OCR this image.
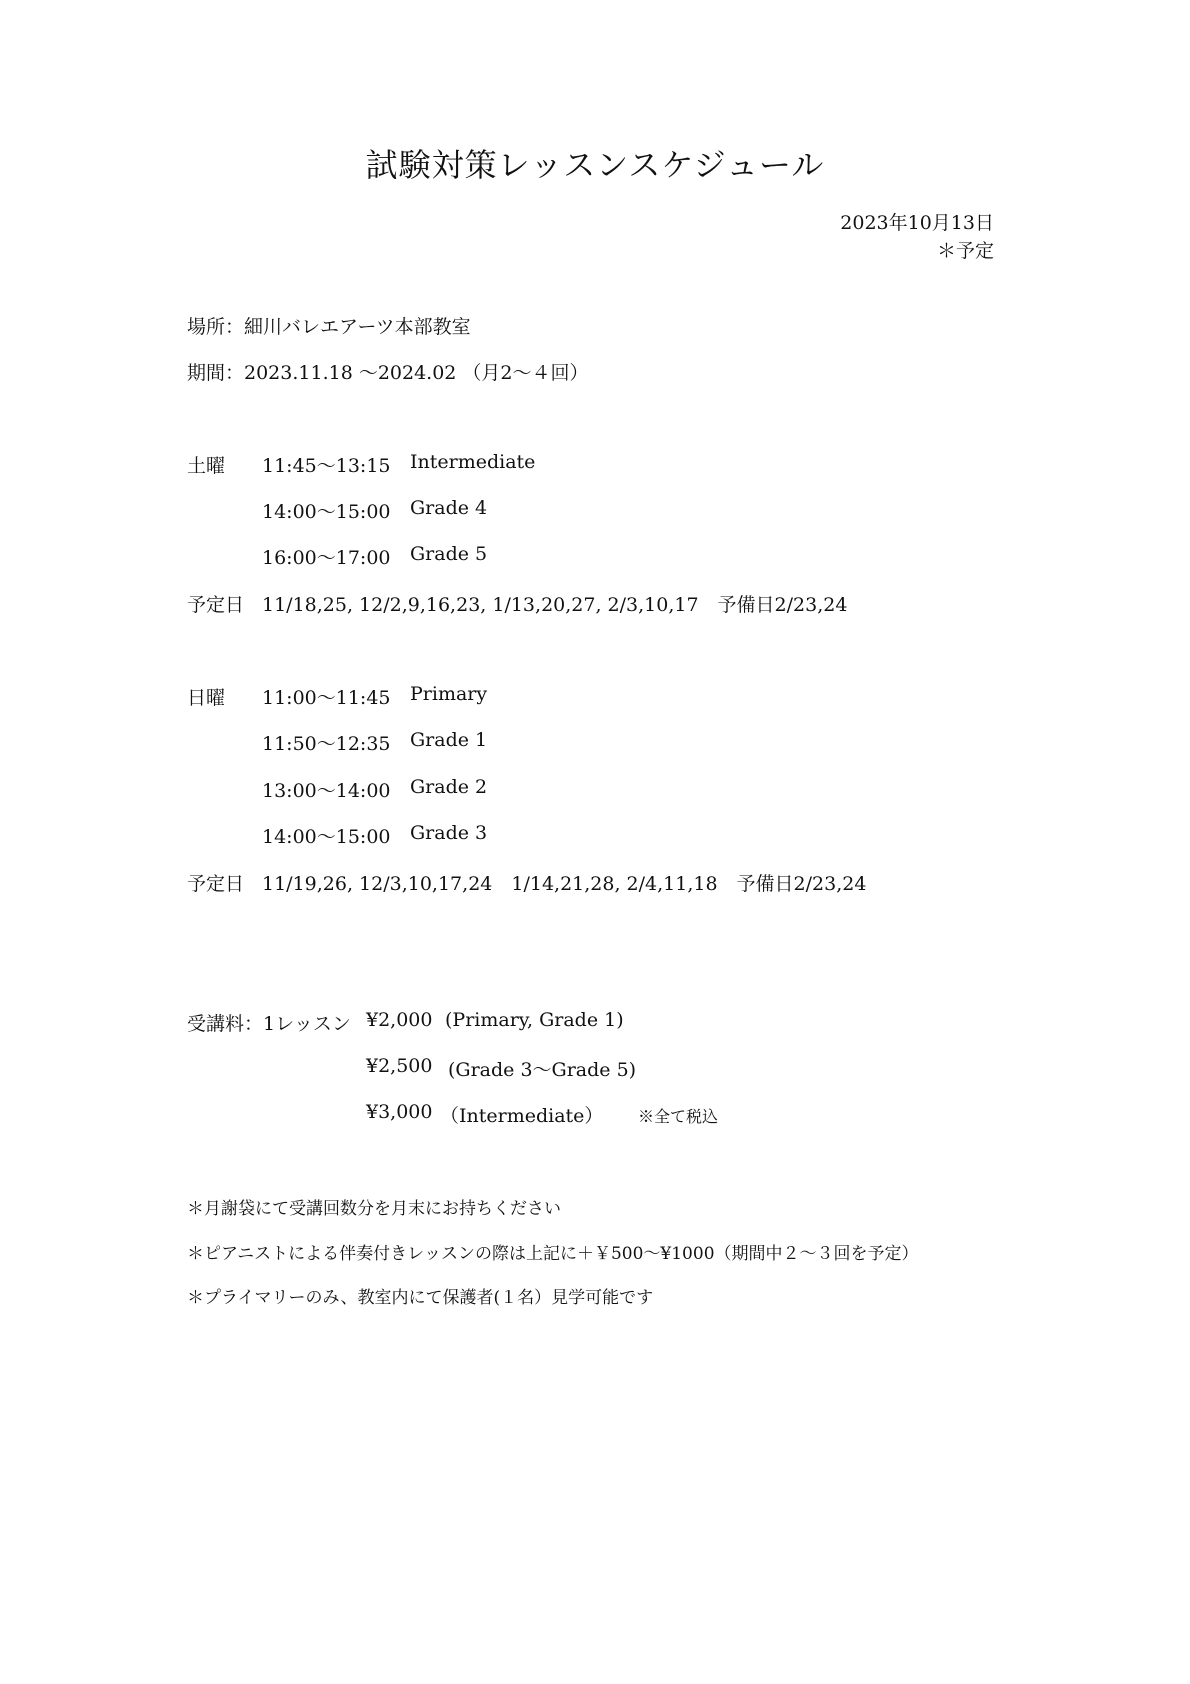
試験対策レッスンスケジュール
2023年10月13日
＊予定
場所：細川バレエアーツ本部教室
期間：2023.11.18 ～2024.02 （月2～４回）
土曜 11:45～13:15 Intermediate
14:00～15:00 Grade 4
16:00～17:00 Grade 5
予定日 11/18,25, 12/2,9,16,23, 1/13,20,27, 2/3,10,17　予備日2/23,24
日曜 11:00～11:45 Primary
11:50～12:35 Grade 1
13:00～14:00 Grade 2
14:00～15:00 Grade 3
予定日 11/19,26, 12/3,10,17,24　1/14,21,28, 2/4,11,18　予備日2/23,24
受講料：1レッスン ¥2,000 (Primary, Grade 1)
¥2,500 (Grade 3～Grade 5)
¥3,000 （Intermediate） ※全て税込
＊月謝袋にて受講回数分を月末にお持ちください
＊ピアニストによる伴奏付きレッスンの際は上記に＋￥500～¥1000（期間中２～３回を予定）
＊プライマリーのみ、教室内にて保護者(１名）見学可能です
